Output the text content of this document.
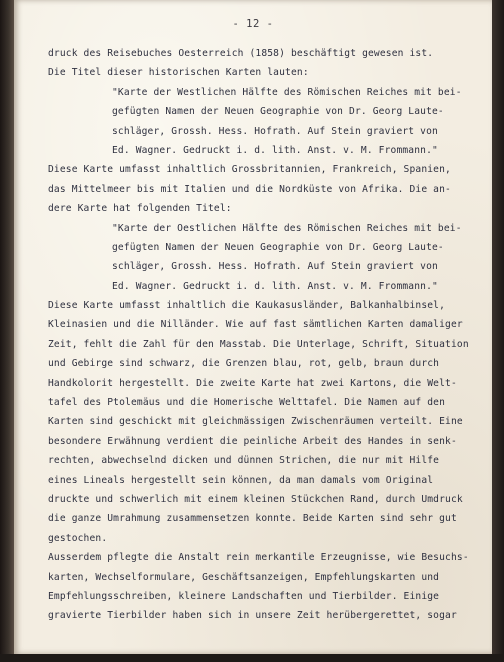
- 12 -
druck des Reisebuches Oesterreich (1858) beschäftigt gewesen ist.
Die Titel dieser historischen Karten lauten:
"Karte der Westlichen Hälfte des Römischen Reiches mit bei-
gefügten Namen der Neuen Geographie von Dr. Georg Laute-
schläger, Grossh. Hess. Hofrath. Auf Stein graviert von
Ed. Wagner. Gedruckt i. d. lith. Anst. v. M. Frommann."
Diese Karte umfasst inhaltlich Grossbritannien, Frankreich, Spanien,
das Mittelmeer bis mit Italien und die Nordküste von Afrika. Die an-
dere Karte hat folgenden Titel:
"Karte der Oestlichen Hälfte des Römischen Reiches mit bei-
gefügten Namen der Neuen Geographie von Dr. Georg Laute-
schläger, Grossh. Hess. Hofrath. Auf Stein graviert von
Ed. Wagner. Gedruckt i. d. lith. Anst. v. M. Frommann."
Diese Karte umfasst inhaltlich die Kaukasusländer, Balkanhalbinsel,
Kleinasien und die Nilländer. Wie auf fast sämtlichen Karten damaliger
Zeit, fehlt die Zahl für den Masstab. Die Unterlage, Schrift, Situation
und Gebirge sind schwarz, die Grenzen blau, rot, gelb, braun durch
Handkolorit hergestellt. Die zweite Karte hat zwei Kartons, die Welt-
tafel des Ptolemäus und die Homerische Welttafel. Die Namen auf den
Karten sind geschickt mit gleichmässigen Zwischenräumen verteilt. Eine
besondere Erwähnung verdient die peinliche Arbeit des Handes in senk-
rechten, abwechselnd dicken und dünnen Strichen, die nur mit Hilfe
eines Lineals hergestellt sein können, da man damals vom Original
druckte und schwerlich mit einem kleinen Stückchen Rand, durch Umdruck
die ganze Umrahmung zusammensetzen konnte. Beide Karten sind sehr gut
gestochen.
Ausserdem pflegte die Anstalt rein merkantile Erzeugnisse, wie Besuchs-
karten, Wechselformulare, Geschäftsanzeigen, Empfehlungskarten und
Empfehlungsschreiben, kleinere Landschaften und Tierbilder. Einige
gravierte Tierbilder haben sich in unsere Zeit herübergerettet, sogar
